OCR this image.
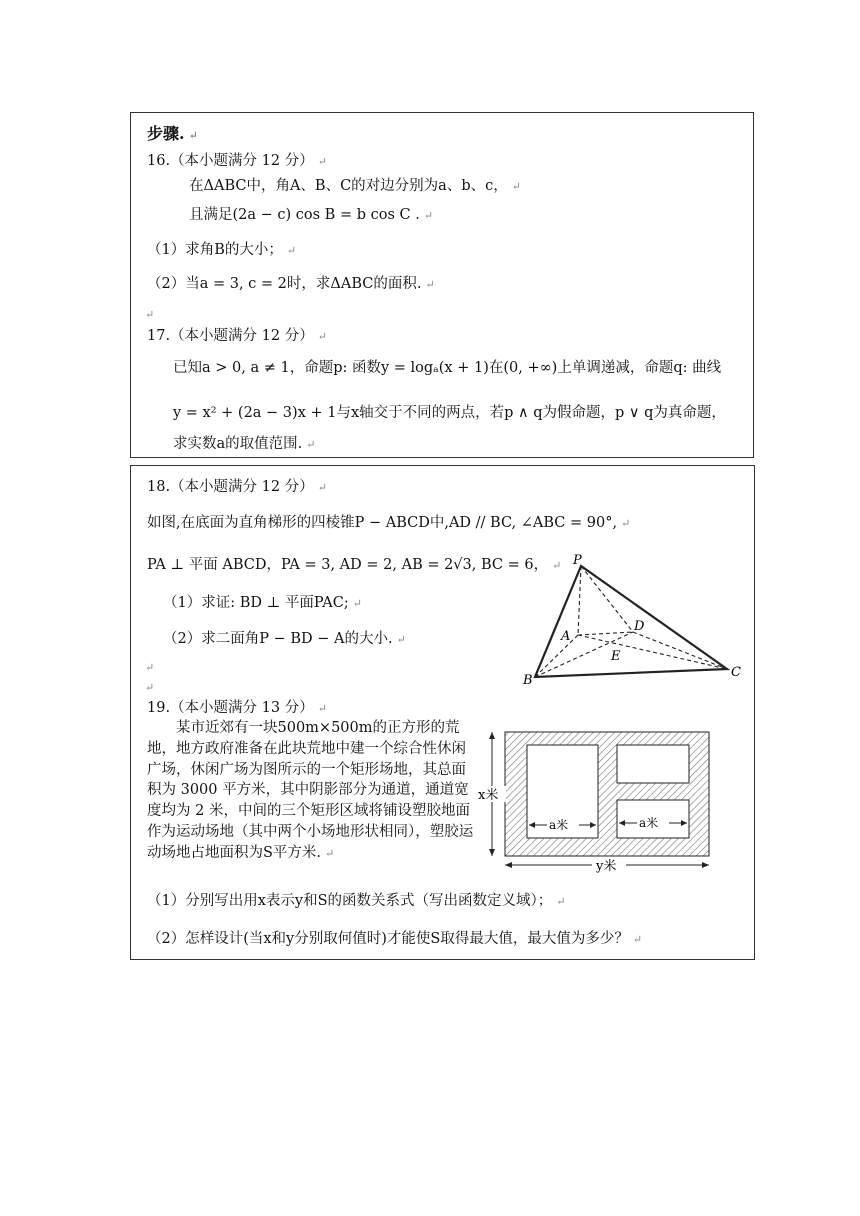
步骤. ↵
16.（本小题满分 12 分） ↵
在ΔABC中，角A、B、C的对边分别为a、b、c， ↵
且满足(2a − c) cos B = b cos C . ↵
（1）求角B的大小； ↵
（2）当a = 3, c = 2时，求ΔABC的面积. ↵
↵
17.（本小题满分 12 分） ↵
已知a > 0, a ≠ 1，命题p: 函数y = logₐ(x + 1)在(0, +∞)上单调递减，命题q: 曲线
y = x² + (2a − 3)x + 1与x轴交于不同的两点，若p ∧ q为假命题，p ∨ q为真命题，
求实数a的取值范围. ↵
18.（本小题满分 12 分） ↵
如图,在底面为直角梯形的四棱锥P − ABCD中,AD // BC, ∠ABC = 90°, ↵
PA ⊥ 平面 ABCD，PA = 3, AD = 2, AB = 2√3, BC = 6， ↵
（1）求证: BD ⊥ 平面PAC; ↵
（2）求二面角P − BD − A的大小. ↵
↵
↵
P
A
B
C
D
E
19.（本小题满分 13 分） ↵
某市近郊有一块500m×500m的正方形的荒地，地方政府准备在此块荒地中建一个综合性休闲广场，休闲广场为图所示的一个矩形场地，其总面积为 3000 平方米，其中阴影部分为通道，通道宽度均为 2 米，中间的三个矩形区域将铺设塑胶地面作为运动场地（其中两个小场地形状相同），塑胶运动场地占地面积为S平方米. ↵
x米
y米
a米	a米
（1）分别写出用x表示y和S的函数关系式（写出函数定义域）； ↵
（2）怎样设计(当x和y分别取何值时)才能使S取得最大值，最大值为多少？ ↵
